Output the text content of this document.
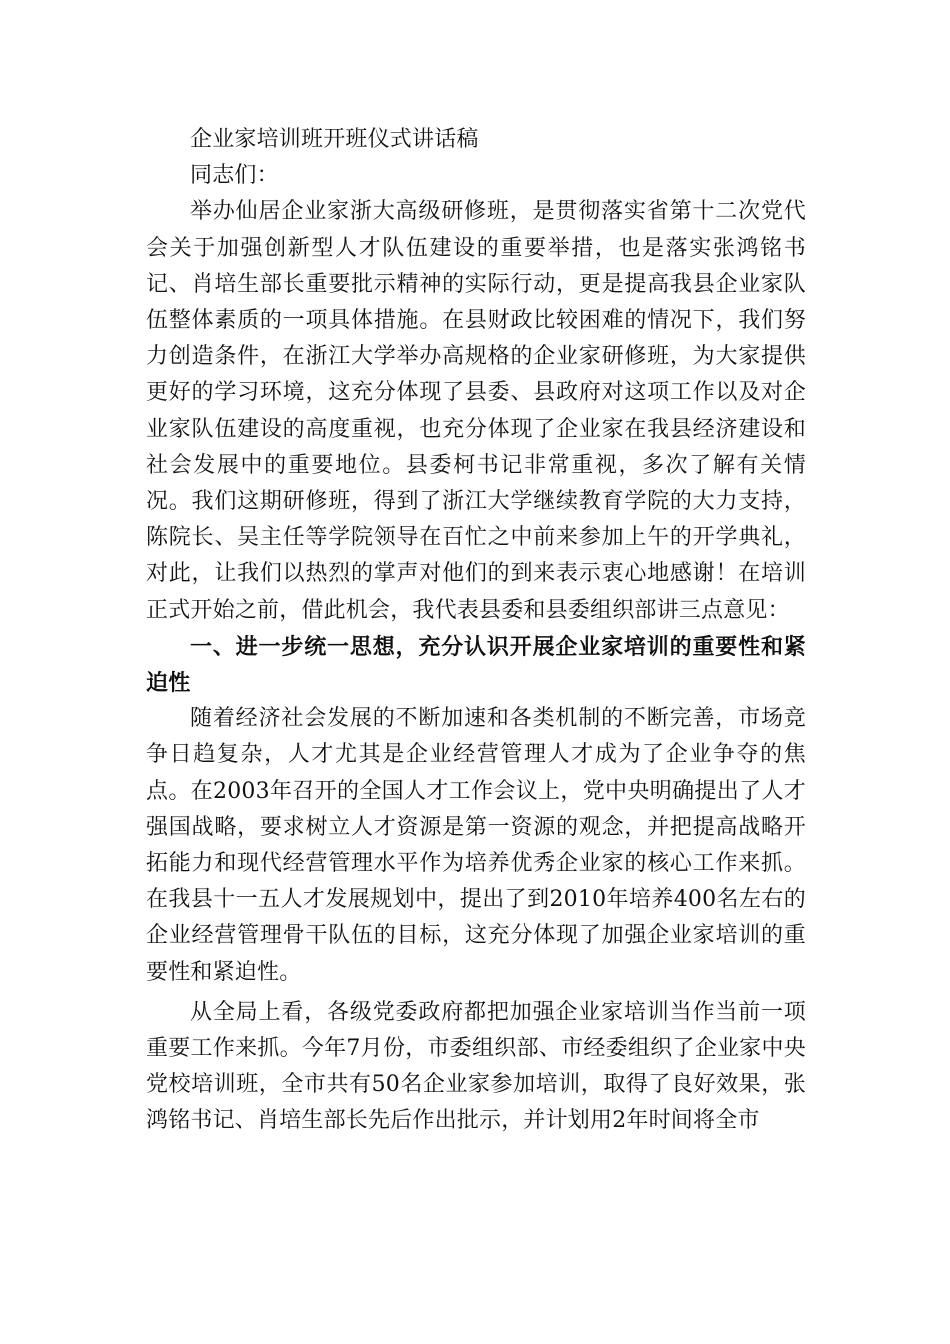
企业家培训班开班仪式讲话稿

同志们：

举办仙居企业家浙大高级研修班，是贯彻落实省第十二次党代会关于加强创新型人才队伍建设的重要举措，也是落实张鸿铭书记、肖培生部长重要批示精神的实际行动，更是提高我县企业家队伍整体素质的一项具体措施。在县财政比较困难的情况下，我们努力创造条件，在浙江大学举办高规格的企业家研修班，为大家提供更好的学习环境，这充分体现了县委、县政府对这项工作以及对企业家队伍建设的高度重视，也充分体现了企业家在我县经济建设和社会发展中的重要地位。县委柯书记非常重视，多次了解有关情况。我们这期研修班，得到了浙江大学继续教育学院的大力支持，陈院长、吴主任等学院领导在百忙之中前来参加上午的开学典礼，对此，让我们以热烈的掌声对他们的到来表示衷心地感谢！在培训正式开始之前，借此机会，我代表县委和县委组织部讲三点意见：

一、进一步统一思想，充分认识开展企业家培训的重要性和紧迫性

随着经济社会发展的不断加速和各类机制的不断完善，市场竞争日趋复杂，人才尤其是企业经营管理人才成为了企业争夺的焦点。在2003年召开的全国人才工作会议上，党中央明确提出了人才强国战略，要求树立人才资源是第一资源的观念，并把提高战略开拓能力和现代经营管理水平作为培养优秀企业家的核心工作来抓。在我县十一五人才发展规划中，提出了到2010年培养400名左右的企业经营管理骨干队伍的目标，这充分体现了加强企业家培训的重要性和紧迫性。

从全局上看，各级党委政府都把加强企业家培训当作当前一项重要工作来抓。今年7月份，市委组织部、市经委组织了企业家中央党校培训班，全市共有50名企业家参加培训，取得了良好效果，张鸿铭书记、肖培生部长先后作出批示，并计划用2年时间将全市
